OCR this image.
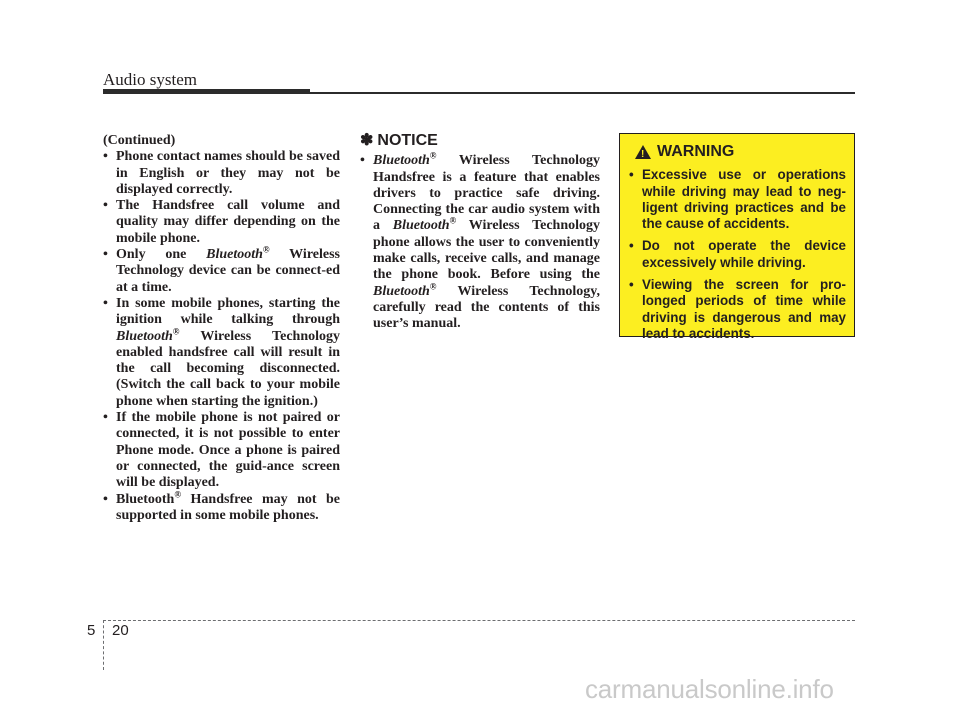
Audio system

(Continued)

• Phone contact names should be saved in English or they may not be displayed correctly.

• The Handsfree call volume and quality may differ depending on the mobile phone.

• Only one Bluetooth® Wireless Technology device can be connect-ed at a time.

• In some mobile phones, starting the ignition while talking through Bluetooth® Wireless Technology enabled handsfree call will result in the call becoming disconnected. (Switch the call back to your mobile phone when starting the ignition.)

• If the mobile phone is not paired or connected, it is not possible to enter Phone mode. Once a phone is paired or connected, the guid-ance screen will be displayed.

• Bluetooth® Handsfree may not be supported in some mobile phones.

✽ NOTICE

• Bluetooth® Wireless Technology Handsfree is a feature that enables drivers to practice safe driving. Connecting the car audio system with a Bluetooth® Wireless Technology phone allows the user to conveniently make calls, receive calls, and manage the phone book. Before using the Bluetooth® Wireless Technology, carefully read the contents of this user’s manual.

!
WARNING

• Excessive use or operations while driving may lead to neg-ligent driving practices and be the cause of accidents.

• Do not operate the device excessively while driving.

• Viewing the screen for pro-longed periods of time while driving is dangerous and may lead to accidents.

5 20
carmanualsonline.info
